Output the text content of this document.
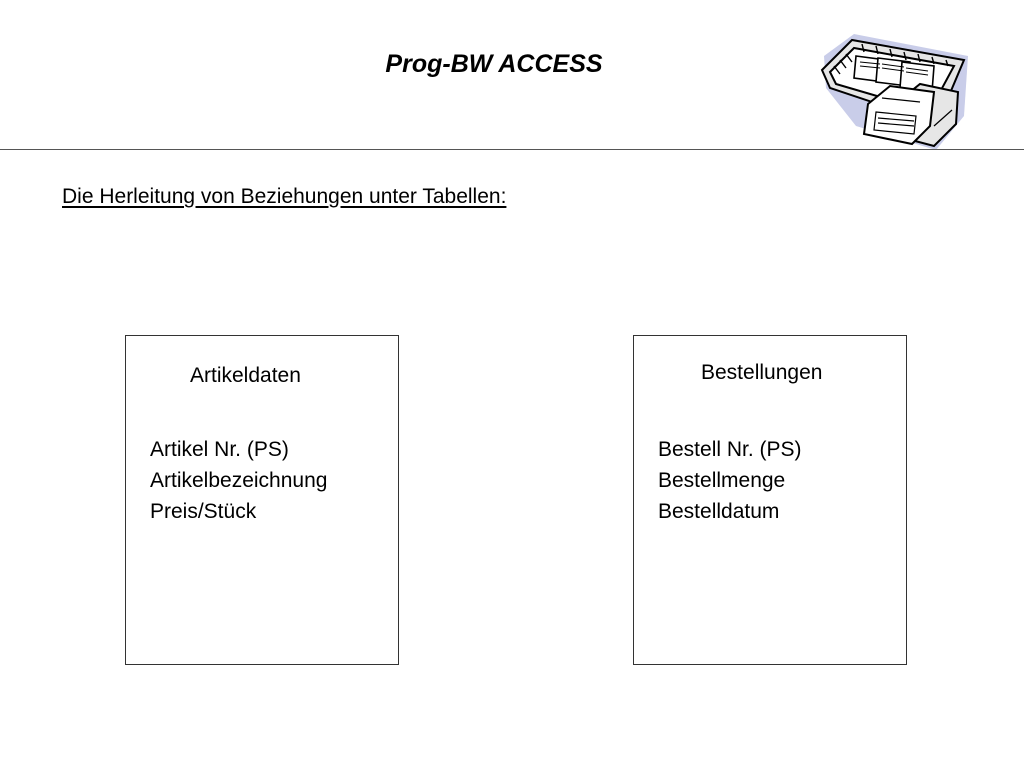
Prog-BW ACCESS
Die Herleitung von Beziehungen unter Tabellen:
Artikeldaten
Artikel Nr. (PS)
Artikelbezeichnung
Preis/Stück
Bestellungen
Bestell Nr. (PS)
Bestellmenge
Bestelldatum
